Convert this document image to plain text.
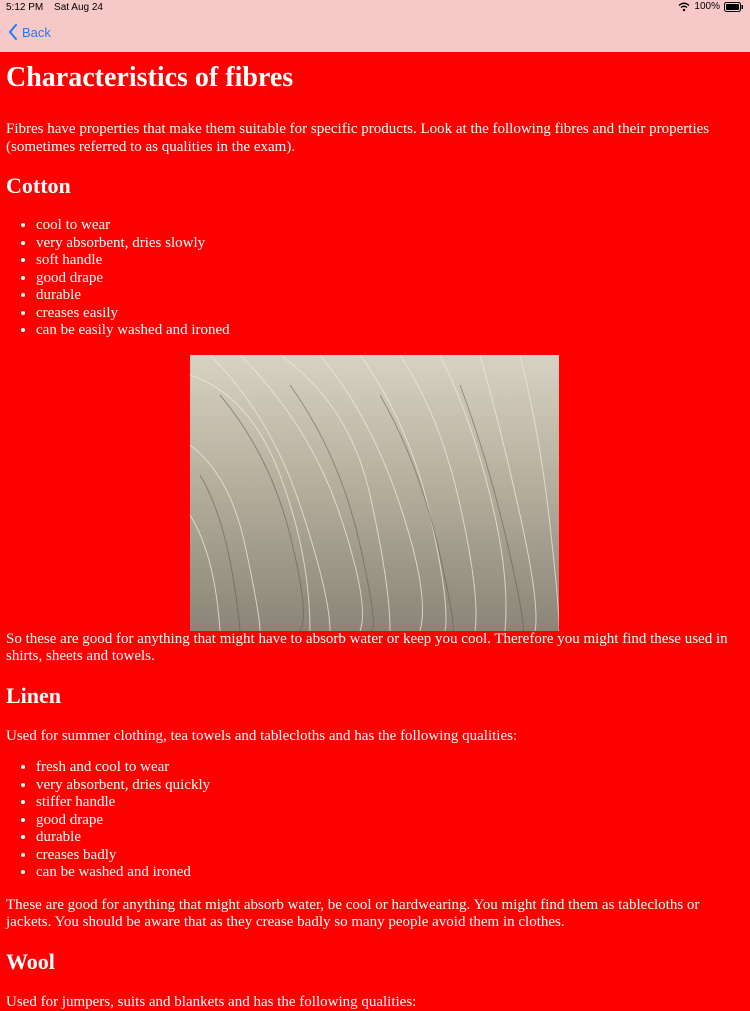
5:12 PM Sat Aug 24	100%
Back
Characteristics of fibres

Fibres have properties that make them suitable for specific products. Look at the following fibres and their properties (sometimes referred to as qualities in the exam).

Cotton
• cool to wear
• very absorbent, dries slowly
• soft handle
• good drape
• durable
• creases easily
• can be easily washed and ironed

So these are good for anything that might have to absorb water or keep you cool. Therefore you might find these used in shirts, sheets and towels.

Linen

Used for summer clothing, tea towels and tablecloths and has the following qualities:

• fresh and cool to wear
• very absorbent, dries quickly
• stiffer handle
• good drape
• durable
• creases badly
• can be washed and ironed

These are good for anything that might absorb water, be cool or hardwearing. You might find them as tablecloths or jackets. You should be aware that as they crease badly so many people avoid them in clothes.

Wool

Used for jumpers, suits and blankets and has the following qualities:
